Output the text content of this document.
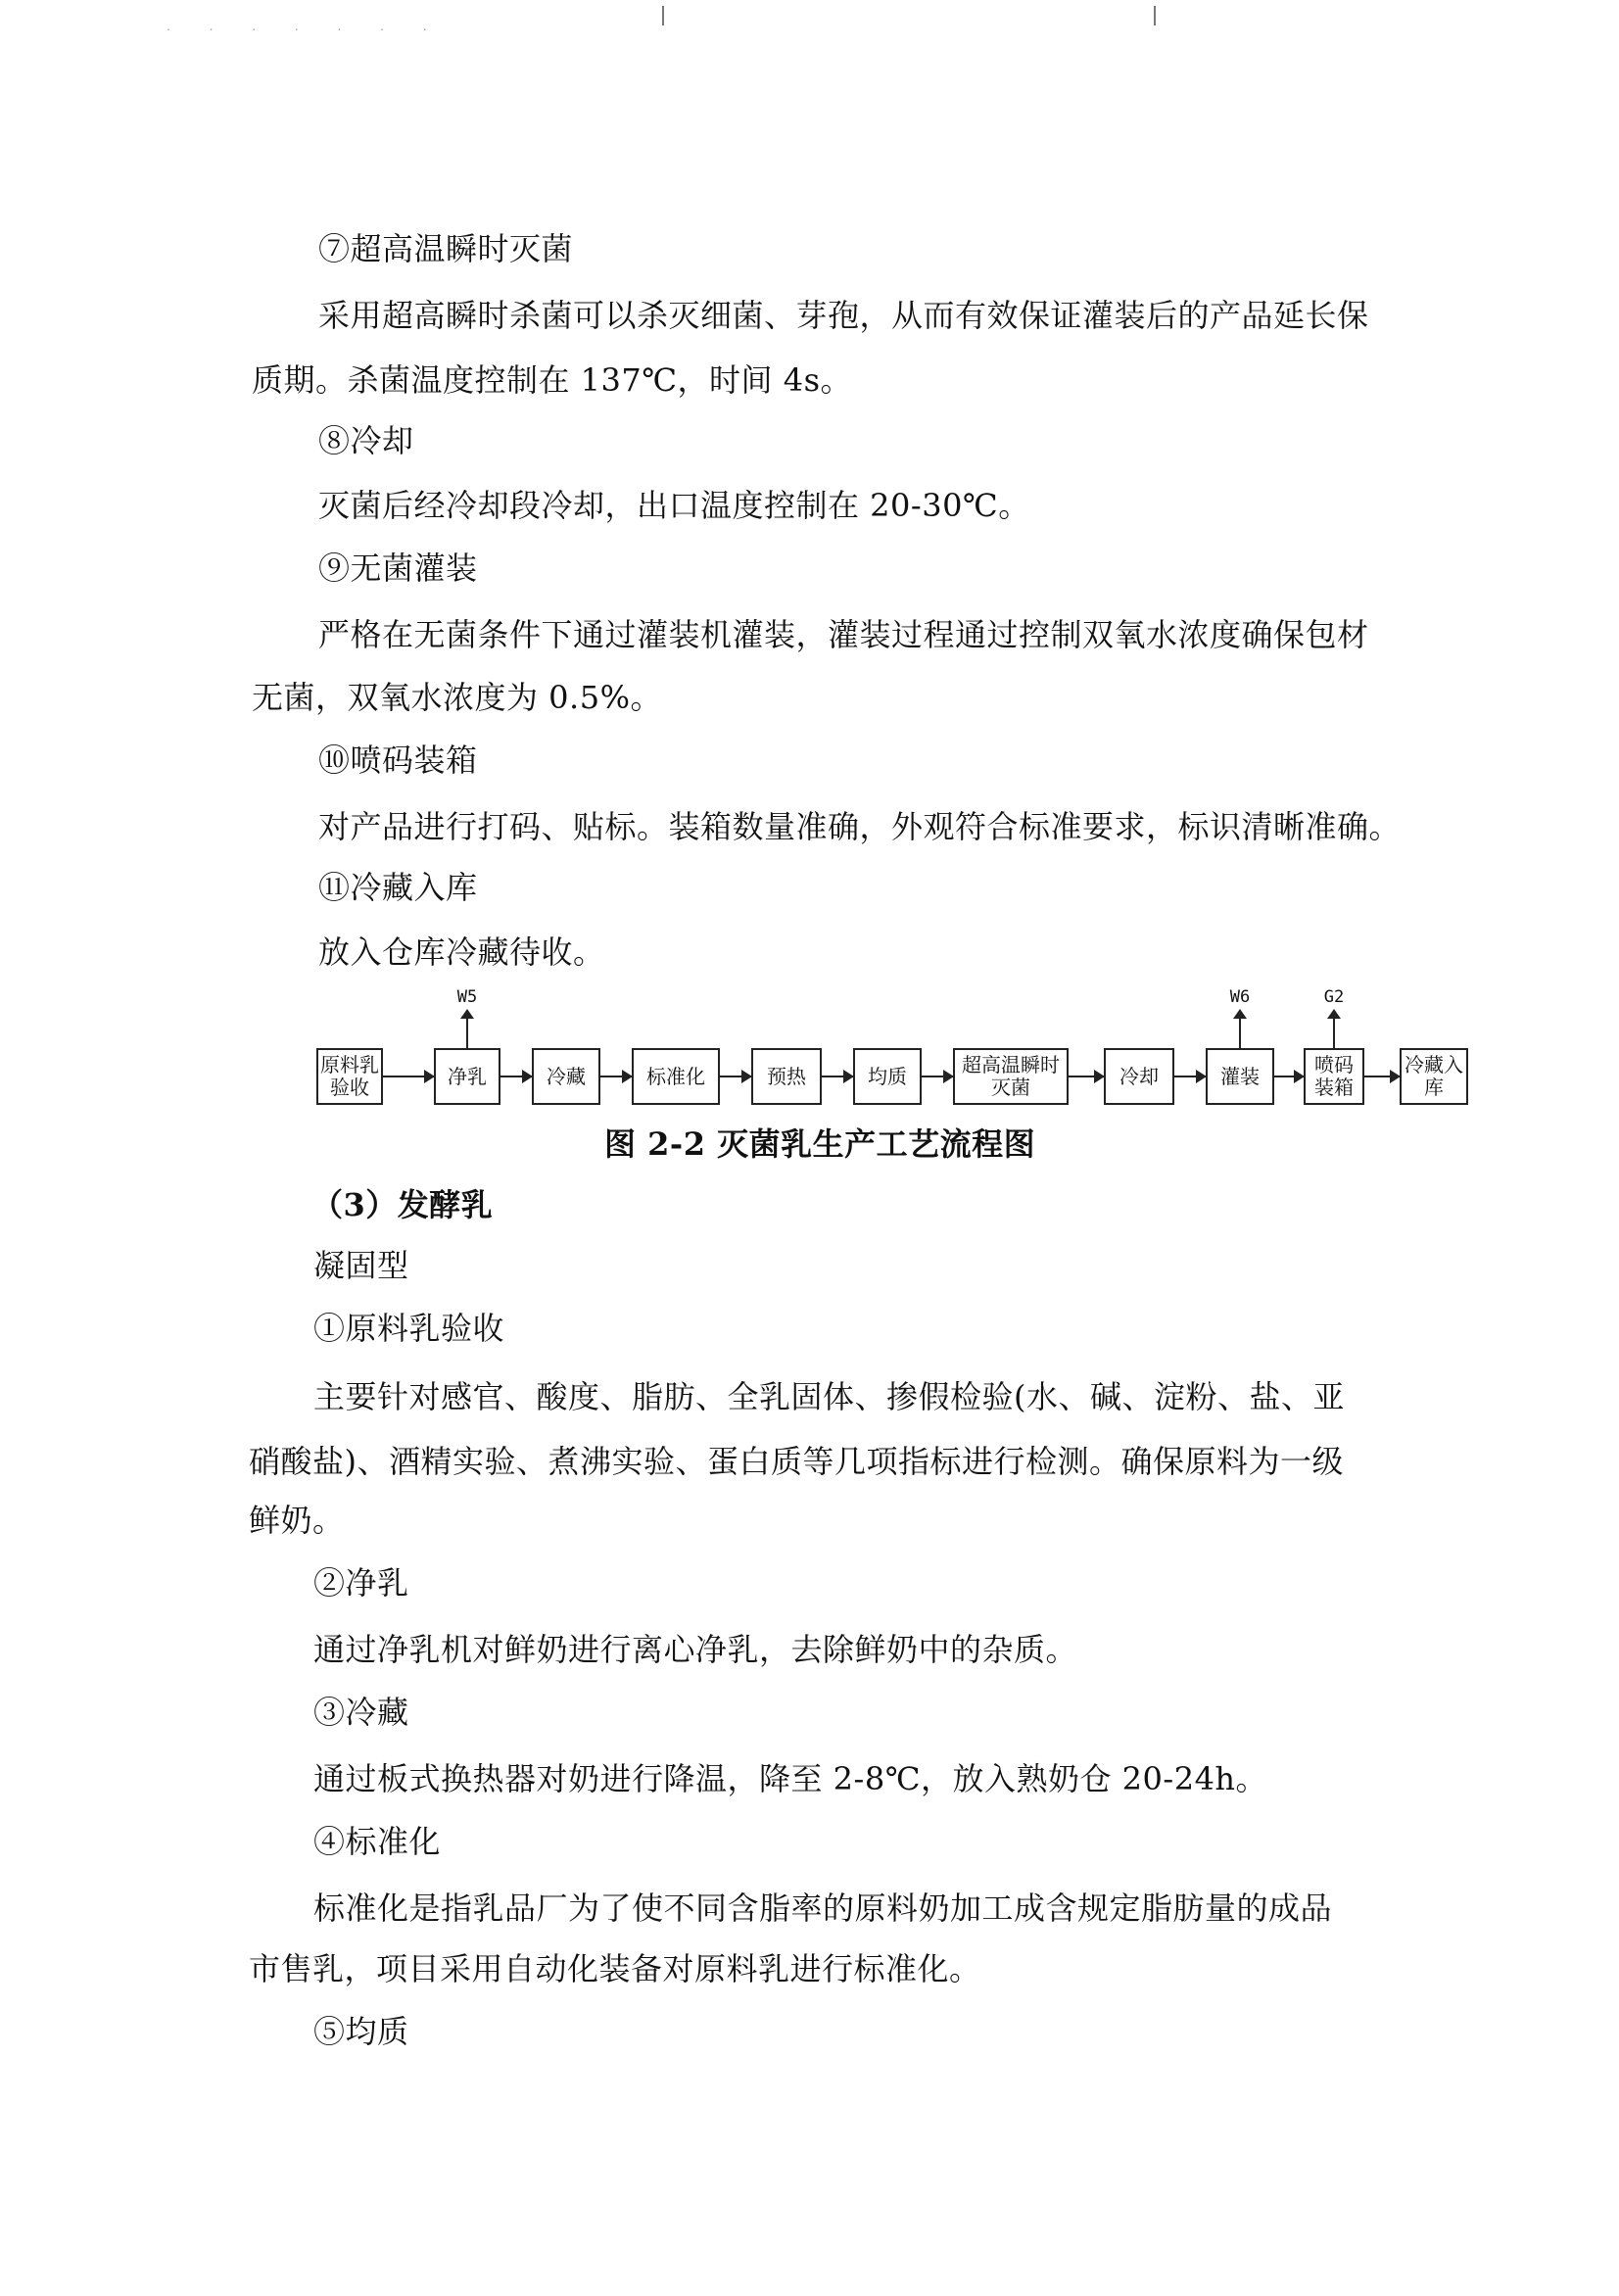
. . . . . . .
⑦超高温瞬时灭菌
采用超高瞬时杀菌可以杀灭细菌、芽孢，从而有效保证灌装后的产品延长保
质期。杀菌温度控制在 137℃，时间 4s。
⑧冷却
灭菌后经冷却段冷却，出口温度控制在 20-30℃。
⑨无菌灌装
严格在无菌条件下通过灌装机灌装，灌装过程通过控制双氧水浓度确保包材
无菌，双氧水浓度为 0.5%。
⑩喷码装箱
对产品进行打码、贴标。装箱数量准确，外观符合标准要求，标识清晰准确。
⑪冷藏入库
放入仓库冷藏待收。
原料乳验收	净乳	冷藏	标准化	预热	均质	超高温瞬时灭菌	冷却	灌装	喷码装箱
冷藏入库
W5	W6	G2
图 2-2 灭菌乳生产工艺流程图
（3）发酵乳
凝固型
①原料乳验收
主要针对感官、酸度、脂肪、全乳固体、掺假检验(水、碱、淀粉、盐、亚
硝酸盐)、酒精实验、煮沸实验、蛋白质等几项指标进行检测。确保原料为一级
鲜奶。
②净乳
通过净乳机对鲜奶进行离心净乳，去除鲜奶中的杂质。
③冷藏
通过板式换热器对奶进行降温，降至 2-8℃，放入熟奶仓 20-24h。
④标准化
标准化是指乳品厂为了使不同含脂率的原料奶加工成含规定脂肪量的成品
市售乳，项目采用自动化装备对原料乳进行标准化。
⑤均质
